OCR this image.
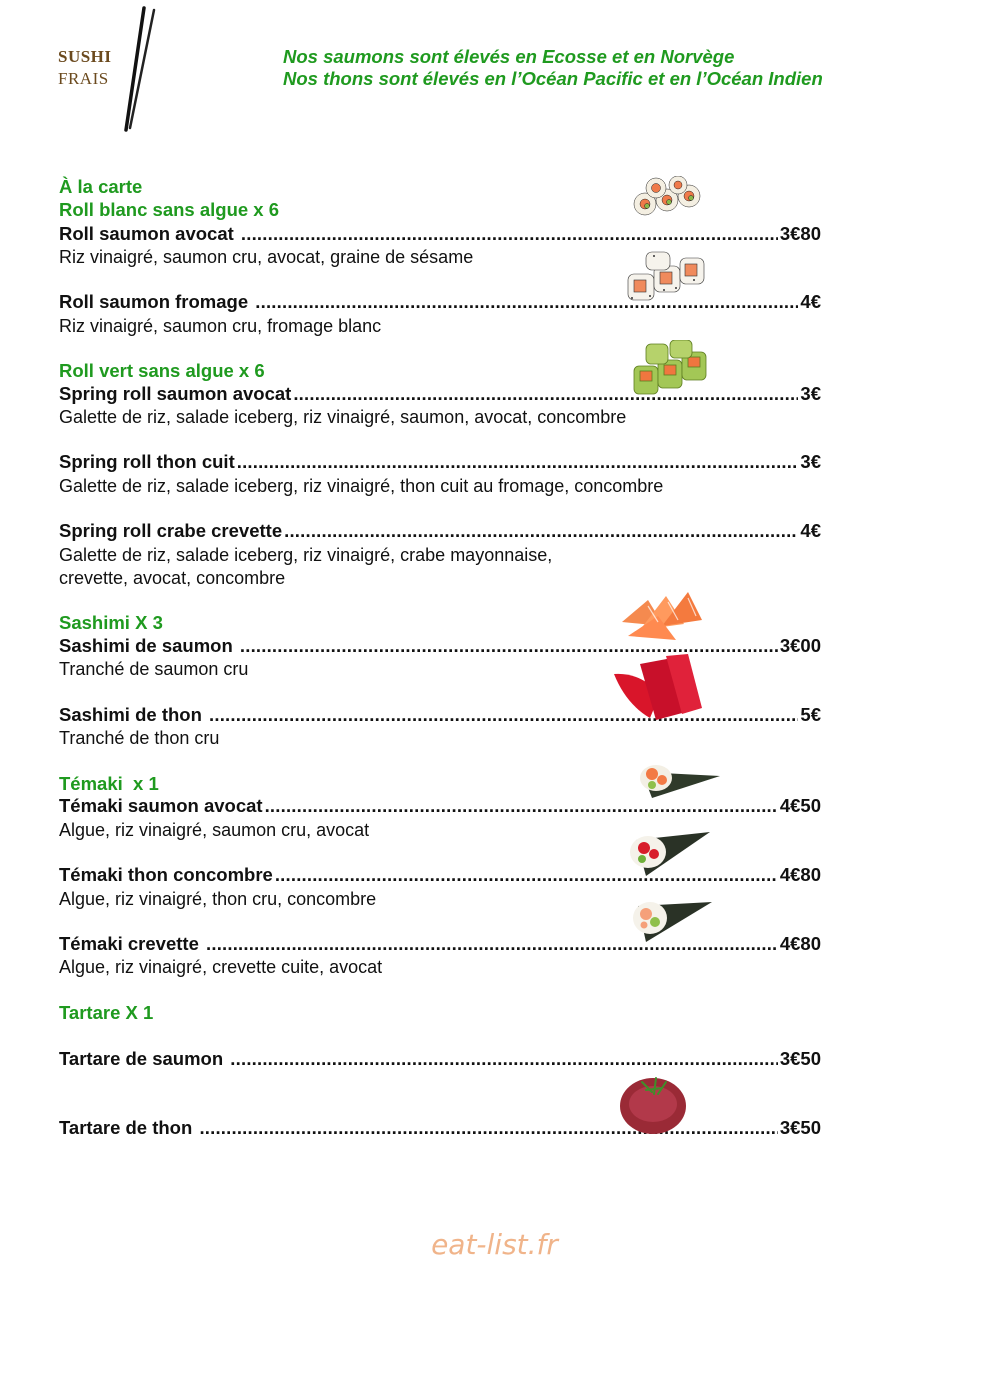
SUSHI
FRAIS
Nos saumons sont élevés en Ecosse et en Norvège
Nos thons sont élevés en l’Océan Pacific et en l’Océan Indien
À la carte
Roll blanc sans algue x 6
Roll saumon avocat .....	3€80
Riz vinaigré, saumon cru, avocat, graine de sésame
Roll saumon fromage .....	4€
Riz vinaigré, saumon cru, fromage blanc
Roll vert sans algue x 6
Spring roll saumon avocat .....	3€
Galette de riz, salade iceberg, riz vinaigré, saumon, avocat, concombre
Spring roll thon cuit .....	3€
Galette de riz, salade iceberg, riz vinaigré, thon cuit au fromage, concombre
Spring roll crabe crevette .....	4€
Galette de riz, salade iceberg, riz vinaigré, crabe mayonnaise,
crevette, avocat, concombre
Sashimi X 3
Sashimi de saumon .....	3€00
Tranché de saumon cru
Sashimi de thon .....	5€
Tranché de thon cru
Témaki  x 1
Témaki saumon avocat .....	4€50
Algue, riz vinaigré, saumon cru, avocat
Témaki thon concombre .....	4€80
Algue, riz vinaigré, thon cru, concombre
Témaki crevette .....	4€80
Algue, riz vinaigré, crevette cuite, avocat
Tartare X 1
Tartare de saumon .....	3€50
Tartare de thon .....	3€50
eat-list.fr
